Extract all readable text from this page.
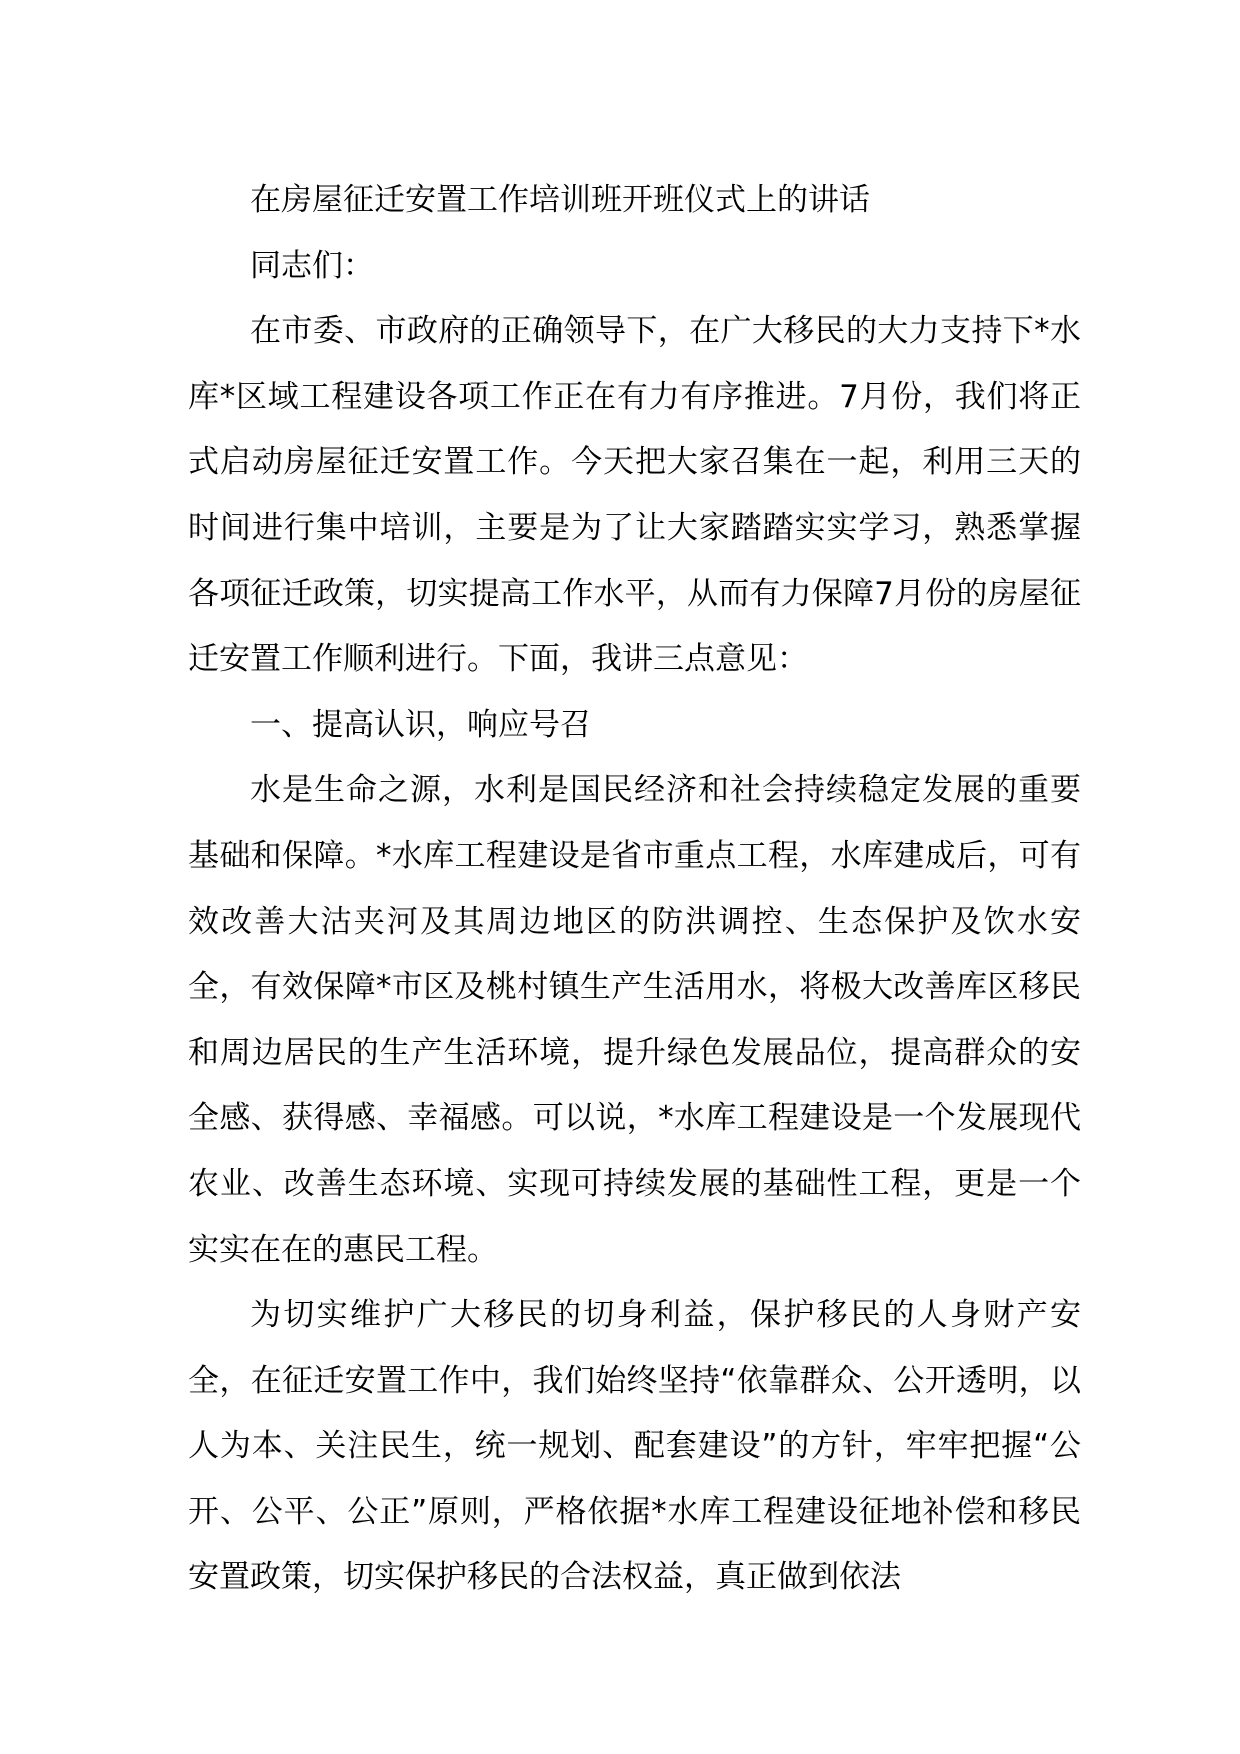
在房屋征迁安置工作培训班开班仪式上的讲话

同志们：

在市委、市政府的正确领导下，在广大移民的大力支持下*水库*区域工程建设各项工作正在有力有序推进。7月份，我们将正式启动房屋征迁安置工作。今天把大家召集在一起，利用三天的时间进行集中培训，主要是为了让大家踏踏实实学习，熟悉掌握各项征迁政策，切实提高工作水平，从而有力保障7月份的房屋征迁安置工作顺利进行。下面，我讲三点意见：

一、提高认识，响应号召

水是生命之源，水利是国民经济和社会持续稳定发展的重要基础和保障。*水库工程建设是省市重点工程，水库建成后，可有效改善大沽夹河及其周边地区的防洪调控、生态保护及饮水安全，有效保障*市区及桃村镇生产生活用水，将极大改善库区移民和周边居民的生产生活环境，提升绿色发展品位，提高群众的安全感、获得感、幸福感。可以说，*水库工程建设是一个发展现代农业、改善生态环境、实现可持续发展的基础性工程，更是一个实实在在的惠民工程。

为切实维护广大移民的切身利益，保护移民的人身财产安全，在征迁安置工作中，我们始终坚持“依靠群众、公开透明，以人为本、关注民生，统一规划、配套建设”的方针，牢牢把握“公开、公平、公正”原则，严格依据*水库工程建设征地补偿和移民安置政策，切实保护移民的合法权益，真正做到依法
